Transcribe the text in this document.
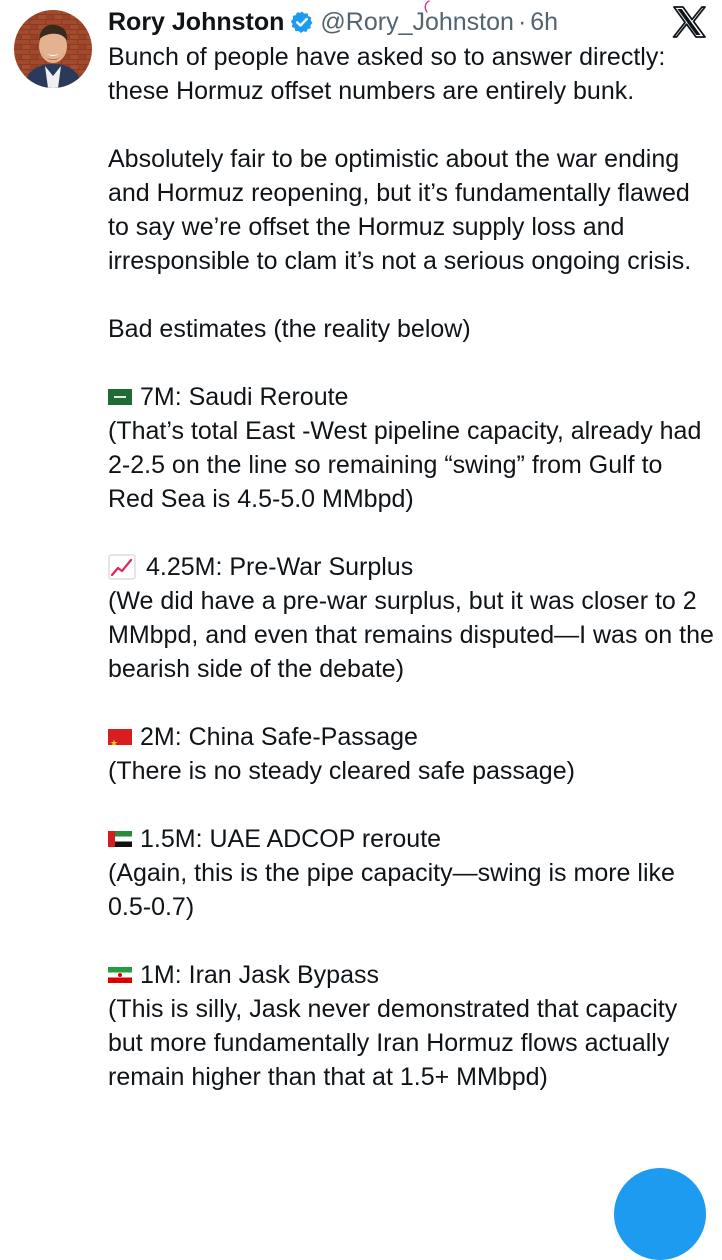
Rory Johnston @Rory_Johnston · 6h

Bunch of people have asked so to answer directly: these Hormuz offset numbers are entirely bunk.

Absolutely fair to be optimistic about the war ending and Hormuz reopening, but it’s fundamentally flawed to say we’re offset the Hormuz supply loss and irresponsible to clam it’s not a serious ongoing crisis.

Bad estimates (the reality below)

7M: Saudi Reroute
(That’s total East -West pipeline capacity, already had 2-2.5 on the line so remaining “swing” from Gulf to Red Sea is 4.5-5.0 MMbpd)
4.25M: Pre-War Surplus
(We did have a pre-war surplus, but it was closer to 2 MMbpd, and even that remains disputed—I was on the bearish side of the debate)
★
2M: China Safe-Passage
(There is no steady cleared safe passage)
1.5M: UAE ADCOP reroute
(Again, this is the pipe capacity—swing is more like 0.5-0.7)
1M: Iran Jask Bypass
(This is silly, Jask never demonstrated that capacity but more fundamentally Iran Hormuz flows actually remain higher than that at 1.5+ MMbpd)
